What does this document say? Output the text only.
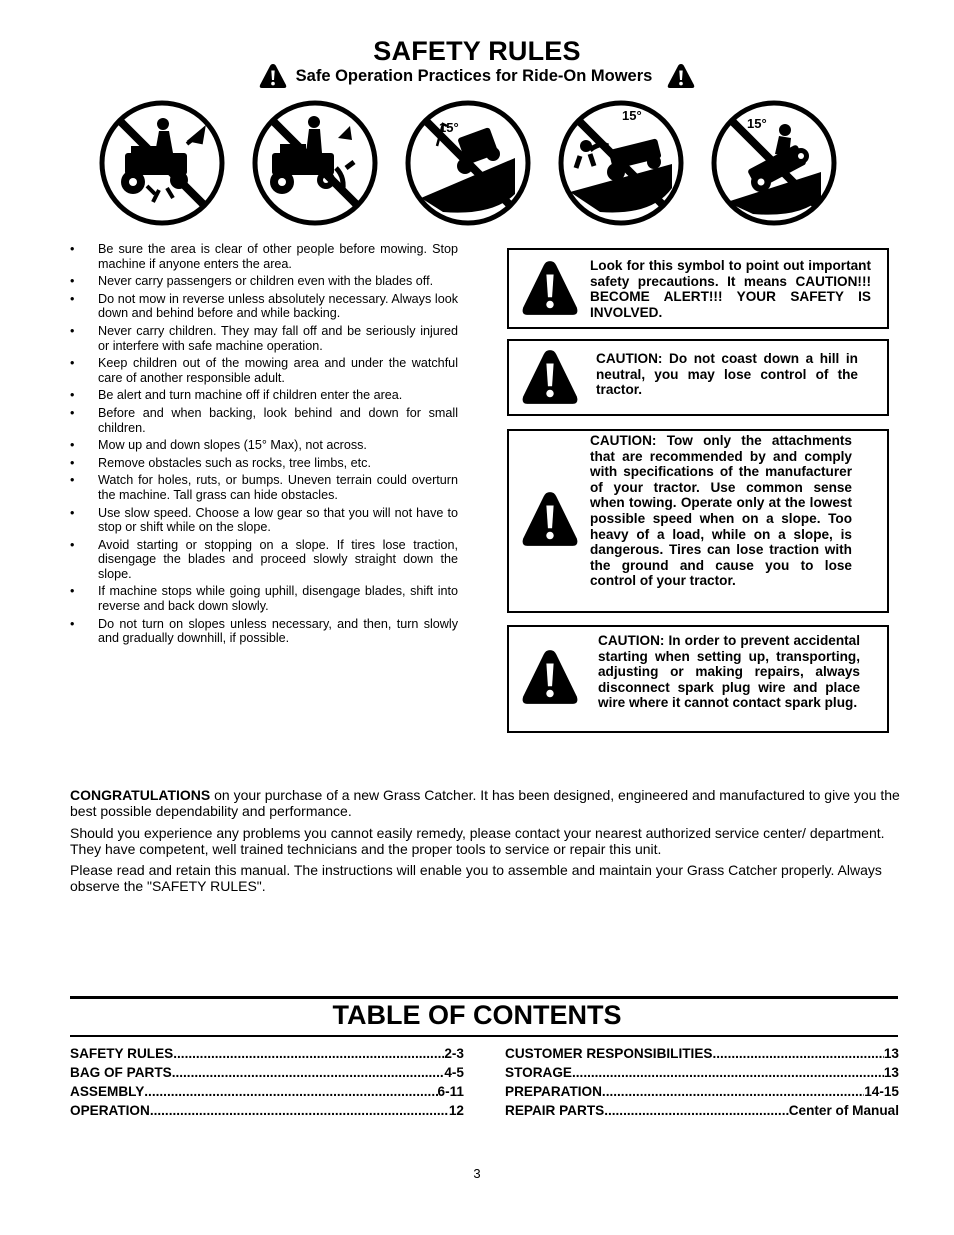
SAFETY RULES
Safe Operation Practices for Ride-On Mowers
15°
15°
15°
• Be sure the area is clear of other people before mowing. Stop machine if anyone enters the area.
• Never carry passengers or children even with the blades off.
• Do not mow in reverse unless absolutely necessary. Always look down and behind before and while backing.
• Never carry children. They may fall off and be seriously injured or interfere with safe machine operation.
• Keep children out of the mowing area and under the watchful care of another responsible adult.
• Be alert and turn machine off if children enter the area.
• Before and when backing, look behind and down for small children.
• Mow up and down slopes (15° Max), not across.
• Remove obstacles such as rocks, tree limbs, etc.
• Watch for holes, ruts, or bumps. Uneven terrain could overturn the machine. Tall grass can hide obstacles.
• Use slow speed. Choose a low gear so that you will not have to stop or shift while on the slope.
• Avoid starting or stopping on a slope. If tires lose traction, disengage the blades and proceed slowly straight down the slope.
• If machine stops while going uphill, disengage blades, shift into reverse and back down slowly.
• Do not turn on slopes unless necessary, and then, turn slowly and gradually downhill, if possible.
Look for this symbol to point out important safety precautions. It means CAUTION!!! BECOME ALERT!!! YOUR SAFETY IS INVOLVED.
CAUTION: Do not coast down a hill in neutral, you may lose control of the tractor.
CAUTION: Tow only the attachments that are recommended by and comply with specifications of the manufacturer of your tractor. Use common sense when towing. Operate only at the lowest possible speed when on a slope. Too heavy of a load, while on a slope, is dangerous. Tires can lose traction with the ground and cause you to lose control of your tractor.
CAUTION: In order to prevent accidental starting when setting up, transporting, adjusting or making repairs, always disconnect spark plug wire and place wire where it cannot contact spark plug.

CONGRATULATIONS on your purchase of a new Grass Catcher. It has been designed, engineered and manufactured to give you the best possible dependability and performance.

Should you experience any problems you cannot easily remedy, please contact your nearest authorized service center/ department. They have competent, well trained technicians and the proper tools to service or repair this unit.

Please read and retain this manual. The instructions will enable you to assemble and maintain your Grass Catcher properly. Always observe the "SAFETY RULES".

TABLE OF CONTENTS
SAFETY RULES .....	2-3
BAG OF PARTS .....	4-5
ASSEMBLY .....	6-11
OPERATION .....	12
CUSTOMER RESPONSIBILITIES .....	13
STORAGE .....	13
PREPARATION .....	14-15
REPAIR PARTS .....	Center of Manual
3
